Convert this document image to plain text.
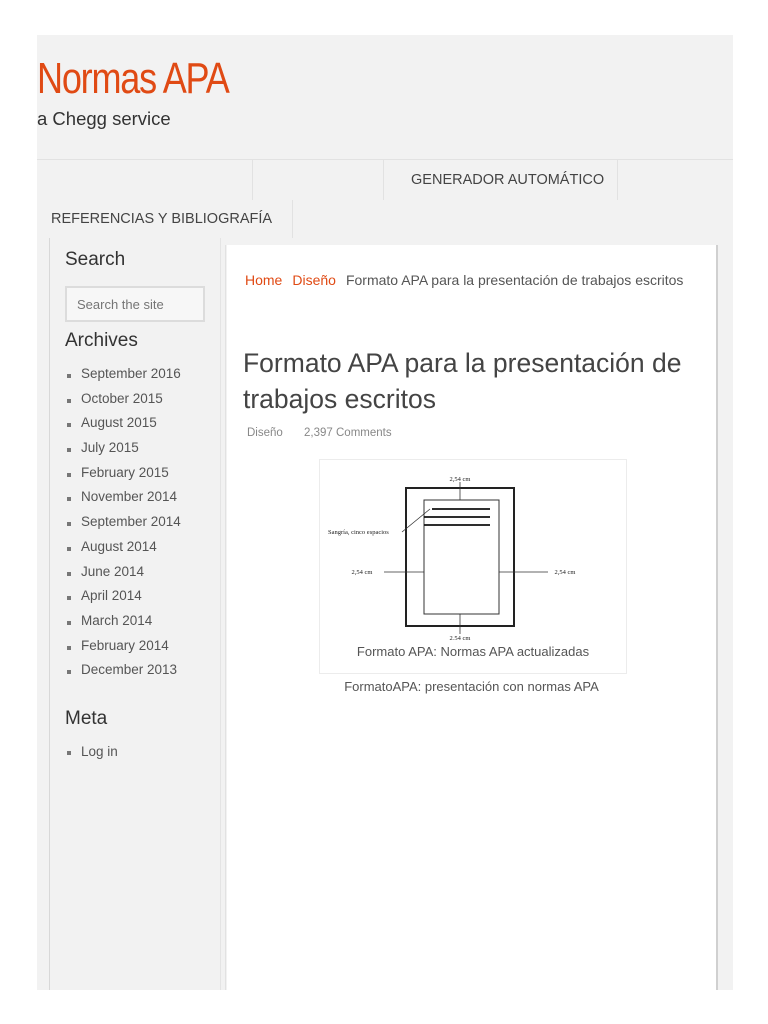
Normas APA
a Chegg service
GENERADOR AUTOMÁTICO
REFERENCIAS Y BIBLIOGRAFÍA
Search
Search the site
Archives
September 2016
October 2015
August 2015
July 2015
February 2015
November 2014
September 2014
August 2014
June 2014
April 2014
March 2014
February 2014
December 2013
Meta
Log in
Home Diseño Formato APA para la presentación de trabajos escritos
Formato APA para la presentación de trabajos escritos
Diseño 2,397 Comments
2,54 cm
2,54 cm	2,54 cm
2,54 cm
Sangría, cinco espacios
Formato APA: Normas APA actualizadas
FormatoAPA: presentación con normas APA
